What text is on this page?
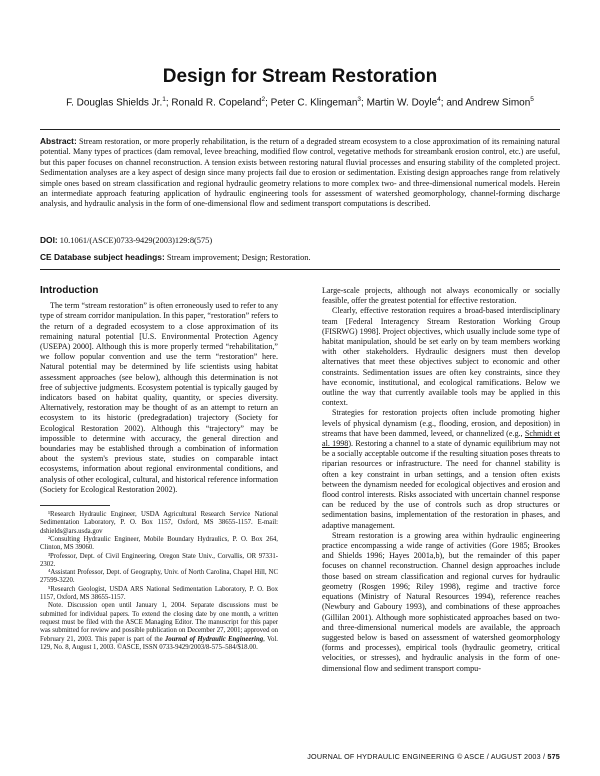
Design for Stream Restoration
F. Douglas Shields Jr.$^1$; Ronald R. Copeland$^2$; Peter C. Klingeman$^3$; Martin W. Doyle$^4$; and Andrew Simon$^5$
Abstract: Stream restoration, or more properly rehabilitation, is the return of a degraded stream ecosystem to a close approximation of its remaining natural potential. Many types of practices (dam removal, levee breaching, modified flow control, vegetative methods for streambank erosion control, etc.) are useful, but this paper focuses on channel reconstruction. A tension exists between restoring natural fluvial processes and ensuring stability of the completed project. Sedimentation analyses are a key aspect of design since many projects fail due to erosion or sedimentation. Existing design approaches range from relatively simple ones based on stream classification and regional hydraulic geometry relations to more complex two- and three-dimensional numerical models. Herein an intermediate approach featuring application of hydraulic engineering tools for assessment of watershed geomorphology, channel-forming discharge analysis, and hydraulic analysis in the form of one-dimensional flow and sediment transport computations is described.
DOI: 10.1061/(ASCE)0733-9429(2003)129:8(575)
CE Database subject headings: Stream improvement; Design; Restoration.
Introduction

The term “stream restoration” is often erroneously used to refer to any type of stream corridor manipulation. In this paper, “restoration” refers to the return of a degraded ecosystem to a close approximation of its remaining natural potential [U.S. Environmental Protection Agency (USEPA) 2000]. Although this is more properly termed “rehabilitation,” we follow popular convention and use the term “restoration” here. Natural potential may be determined by life scientists using habitat assessment approaches (see below), although this determination is not free of subjective judgments. Ecosystem potential is typically gauged by indicators based on habitat quality, quantity, or species diversity. Alternatively, restoration may be thought of as an attempt to return an ecosystem to its historic (predegradation) trajectory (Society for Ecological Restoration 2002). Although this “trajectory” may be impossible to determine with accuracy, the general direction and boundaries may be established through a combination of information about the system's previous state, studies on comparable intact ecosystems, information about regional environmental conditions, and analysis of other ecological, cultural, and historical reference information (Society for Ecological Restoration 2002).

¹Research Hydraulic Engineer, USDA Agricultural Research Service National Sedimentation Laboratory, P. O. Box 1157, Oxford, MS 38655-1157. E-mail: dshields@ars.usda.gov

²Consulting Hydraulic Engineer, Mobile Boundary Hydraulics, P. O. Box 264, Clinton, MS 39060.

³Professor, Dept. of Civil Engineering, Oregon State Univ., Corvallis, OR 97331-2302.

⁴Assistant Professor, Dept. of Geography, Univ. of North Carolina, Chapel Hill, NC 27599-3220.

⁵Research Geologist, USDA ARS National Sedimentation Laboratory, P. O. Box 1157, Oxford, MS 38655-1157.

Note. Discussion open until January 1, 2004. Separate discussions must be submitted for individual papers. To extend the closing date by one month, a written request must be filed with the ASCE Managing Editor. The manuscript for this paper was submitted for review and possible publication on December 27, 2001; approved on February 21, 2003. This paper is part of the Journal of Hydraulic Engineering, Vol. 129, No. 8, August 1, 2003. ©ASCE, ISSN 0733-9429/2003/8-575–584/$18.00.

Large-scale projects, although not always economically or socially feasible, offer the greatest potential for effective restoration.

Clearly, effective restoration requires a broad-based interdisciplinary team [Federal Interagency Stream Restoration Working Group (FISRWG) 1998]. Project objectives, which usually include some type of habitat manipulation, should be set early on by team members working with other stakeholders. Hydraulic designers must then develop alternatives that meet these objectives subject to economic and other constraints. Sedimentation issues are often key constraints, since they have economic, institutional, and ecological ramifications. Below we outline the way that currently available tools may be applied in this context.

Strategies for restoration projects often include promoting higher levels of physical dynamism (e.g., flooding, erosion, and deposition) in streams that have been dammed, leveed, or channelized (e.g., Schmidt et al. 1998). Restoring a channel to a state of dynamic equilibrium may not be a socially acceptable outcome if the resulting situation poses threats to riparian resources or infrastructure. The need for channel stability is often a key constraint in urban settings, and a tension often exists between the dynamism needed for ecological objectives and erosion and flood control interests. Risks associated with uncertain channel response can be reduced by the use of controls such as drop structures or sedimentation basins, implementation of the restoration in phases, and adaptive management.

Stream restoration is a growing area within hydraulic engineering practice encompassing a wide range of activities (Gore 1985; Brookes and Shields 1996; Hayes 2001a,b), but the remainder of this paper focuses on channel reconstruction. Channel design approaches include those based on stream classification and regional curves for hydraulic geometry (Rosgen 1996; Riley 1998), regime and tractive force equations (Ministry of Natural Resources 1994), reference reaches (Newbury and Gaboury 1993), and combinations of these approaches (Gillilan 2001). Although more sophisticated approaches based on two- and three-dimensional numerical models are available, the approach suggested below is based on assessment of watershed geomorphology (forms and processes), empirical tools (hydraulic geometry, critical velocities, or stresses), and hydraulic analysis in the form of one-dimensional flow and sediment transport compu-

JOURNAL OF HYDRAULIC ENGINEERING © ASCE / AUGUST 2003 / 575
